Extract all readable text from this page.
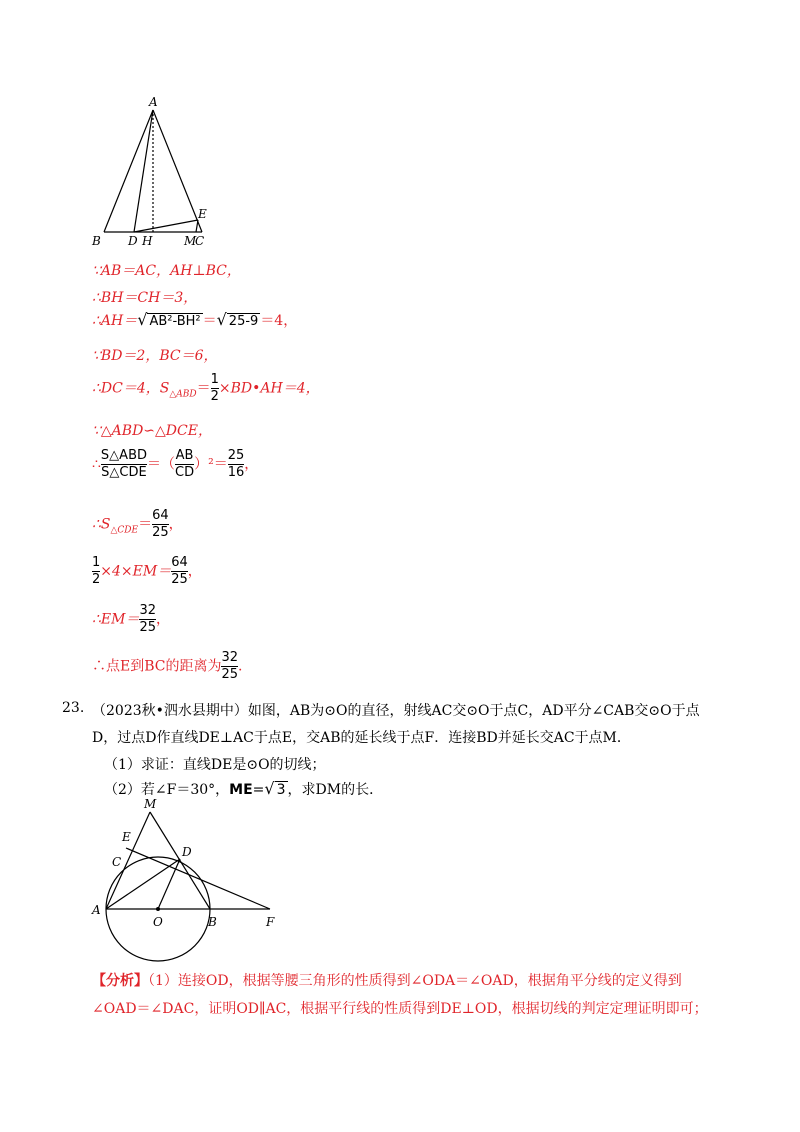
A
B D H	M
C
E
∵AB＝AC，AH⊥BC，
∴BH＝CH＝3，
∴AH＝√ AB²-BH² ＝√ 25-9 ＝4，
∵BD＝2，BC＝6，
∴DC＝4，$S_{\triangle ABD}= \frac{1}{2}$ ×BD•AH＝4，
∵△ABD∽△DCE，
∴ $\frac{\text{S△ABD}}{\text{S△CDE}}$ ＝（ $\frac{AB}{CD} )^2= \frac{25}{16}$ ，
$\therefore S_{\triangle CDE}= \frac{64}{25}$ ，
$\frac{1}{2} \times 4\times EM= \frac{64}{25}$ ，
∴EM＝ $\frac{32}{25}$ ，
∴点E到BC的距离为 $\frac{32}{25}$ .
23. （2023秋•泗水县期中）如图，AB为⊙O的直径，射线AC交⊙O于点C，AD平分∠CAB交⊙O于点
D，过点D作直线DE⊥AC于点E，交AB的延长线于点F．连接BD并延长交AC于点M．
（1）求证：直线DE是⊙O的切线；
（2）若∠F＝30°，ME=√ 3 ，求DM的长．
M
E
C
D
A
O	B	F
【分析】（1）连接OD，根据等腰三角形的性质得到∠ODA＝∠OAD，根据角平分线的定义得到
∠OAD＝∠DAC，证明OD∥AC，根据平行线的性质得到DE⊥OD，根据切线的判定定理证明即可；
